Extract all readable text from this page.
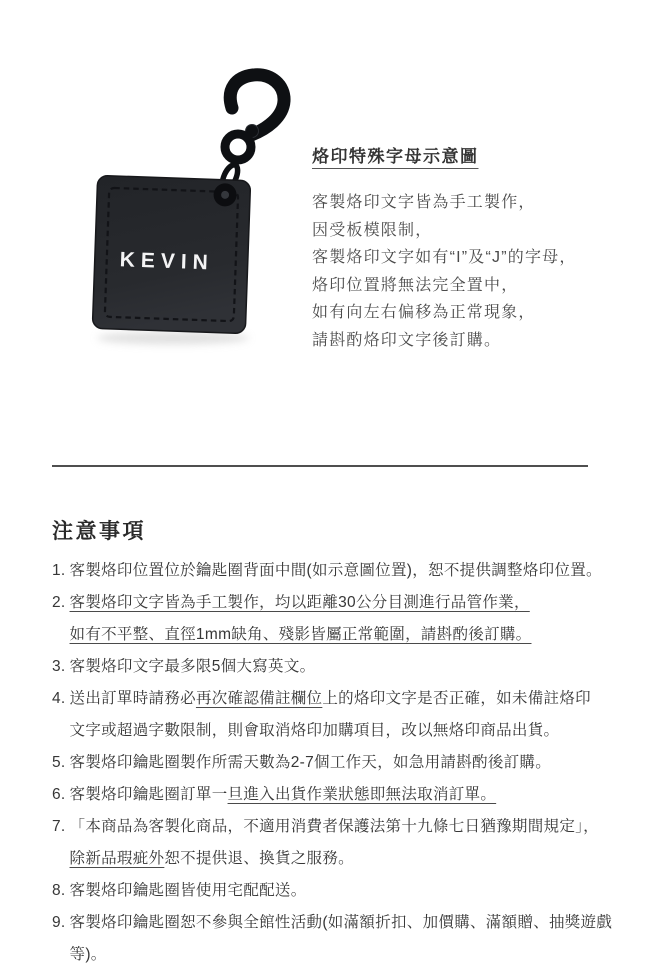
KEVIN
烙印特殊字母示意圖
客製烙印文字皆為手工製作，
因受板模限制，
客製烙印文字如有“I”及“J”的字母，
烙印位置將無法完全置中，
如有向左右偏移為正常現象，
請斟酌烙印文字後訂購。
注意事項
1. 客製烙印位置位於鑰匙圈背面中間(如示意圖位置)，恕不提供調整烙印位置。
2. 客製烙印文字皆為手工製作，均以距離30公分目測進行品管作業，
如有不平整、直徑1mm缺角、殘影皆屬正常範圍，請斟酌後訂購。
3. 客製烙印文字最多限5個大寫英文。
4. 送出訂單時請務必再次確認備註欄位上的烙印文字是否正確，如未備註烙印
文字或超過字數限制，則會取消烙印加購項目，改以無烙印商品出貨。
5. 客製烙印鑰匙圈製作所需天數為2-7個工作天，如急用請斟酌後訂購。
6. 客製烙印鑰匙圈訂單一旦進入出貨作業狀態即無法取消訂單。
7. 「本商品為客製化商品，不適用消費者保護法第十九條七日猶豫期間規定」，
除新品瑕疵外恕不提供退、換貨之服務。
8. 客製烙印鑰匙圈皆使用宅配配送。
9. 客製烙印鑰匙圈恕不參與全館性活動(如滿額折扣、加價購、滿額贈、抽獎遊戲等)。
